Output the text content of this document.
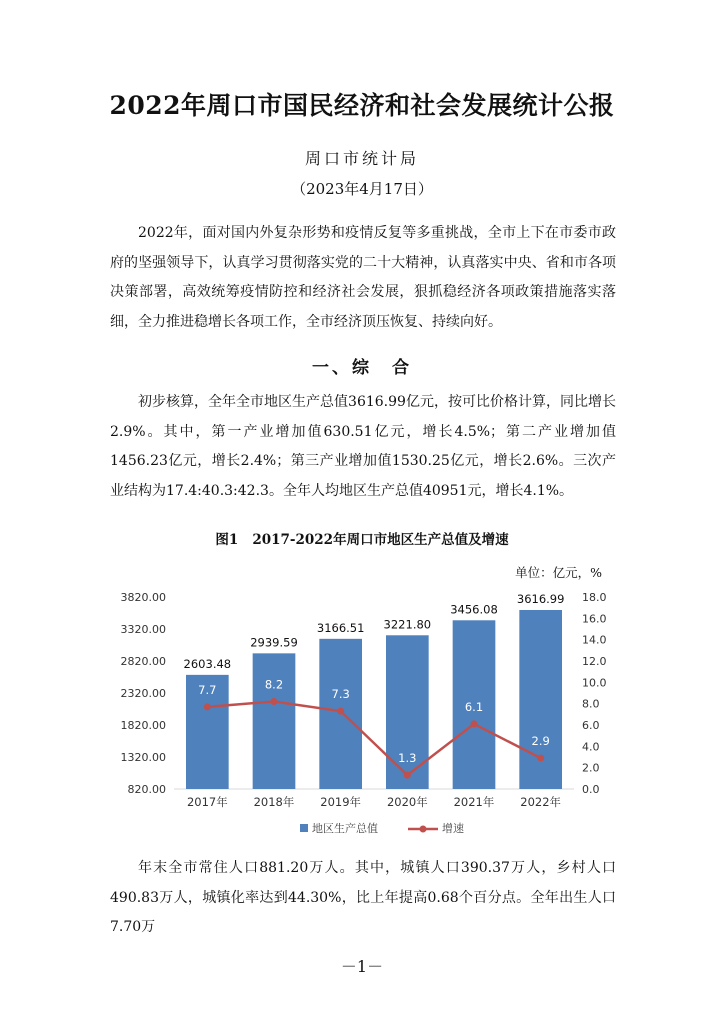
2022年周口市国民经济和社会发展统计公报
周口市统计局
（2023年4月17日）

2022年，面对国内外复杂形势和疫情反复等多重挑战，全市上下在市委市政府的坚强领导下，认真学习贯彻落实党的二十大精神，认真落实中央、省和市各项决策部署，高效统筹疫情防控和经济社会发展，狠抓稳经济各项政策措施落实落细，全力推进稳增长各项工作，全市经济顶压恢复、持续向好。

一、综　合

初步核算，全年全市地区生产总值3616.99亿元，按可比价格计算，同比增长2.9%。其中，第一产业增加值630.51亿元，增长4.5%；第二产业增加值1456.23亿元，增长2.4%；第三产业增加值1530.25亿元，增长2.6%。三次产业结构为17.4:40.3:42.3。全年人均地区生产总值40951元，增长4.1%。

图1 2017-2022年周口市地区生产总值及增速
单位：亿元，%
820.00
1320.00
1820.00
2320.00
2820.00
3320.00
3820.00
0.0
2.0
4.0
6.0
8.0
10.0
12.0
14.0
16.0
18.0
2603.48
2017年
2939.59
2018年
3166.51
2019年
3221.80
2020年
3456.08
2021年
3616.99
2022年
7.7	8.2
7.3
1.3
6.1
2.9
地区生产总值	增速

年末全市常住人口881.20万人。其中，城镇人口390.37万人，乡村人口490.83万人，城镇化率达到44.30%，比上年提高0.68个百分点。全年出生人口7.70万

－1－
